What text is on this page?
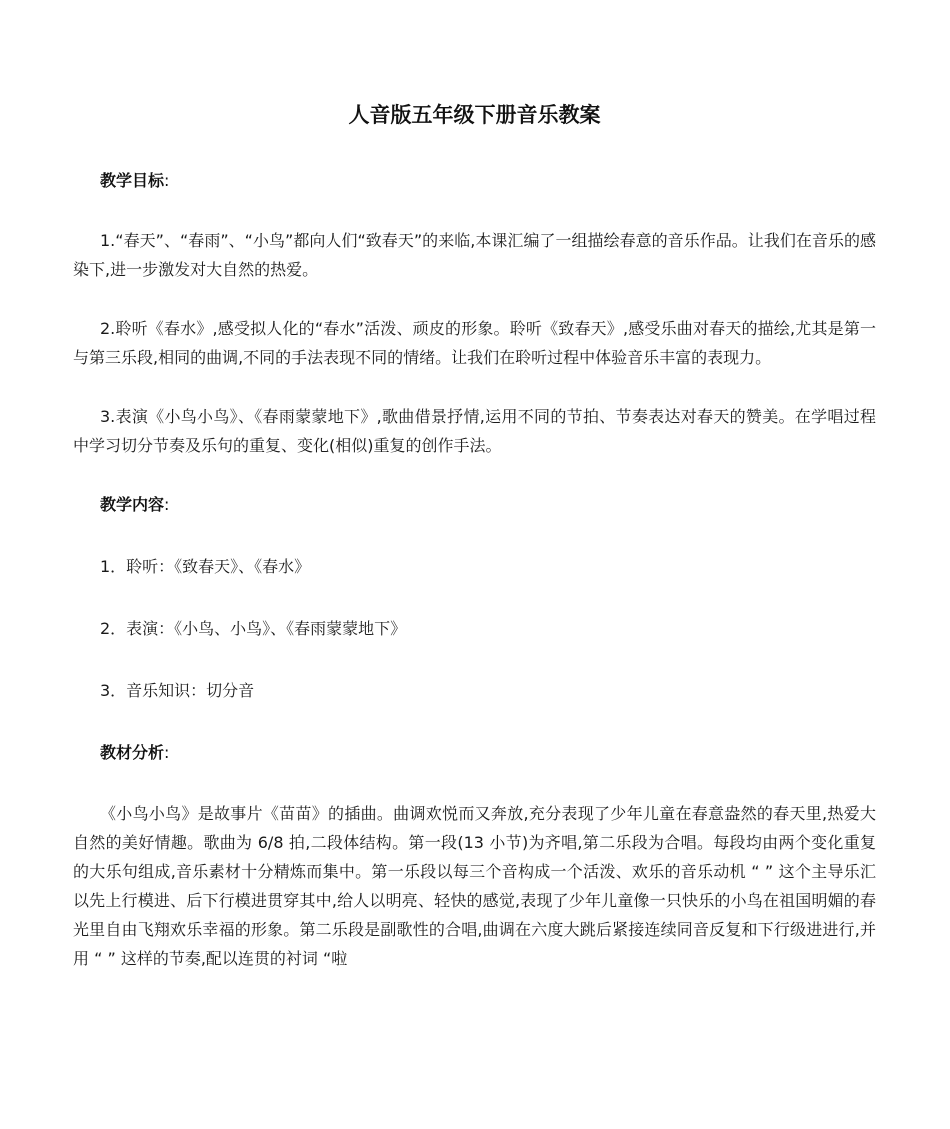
人音版五年级下册音乐教案

教学目标:

1.“春天”、“春雨”、“小鸟”都向人们“致春天”的来临,本课汇编了一组描绘春意的音乐作品。让我们在音乐的感染下,进一步激发对大自然的热爱。

2.聆听《春水》,感受拟人化的“春水”活泼、顽皮的形象。聆听《致春天》,感受乐曲对春天的描绘,尤其是第一与第三乐段,相同的曲调,不同的手法表现不同的情绪。让我们在聆听过程中体验音乐丰富的表现力。

3.表演《小鸟小鸟》、《春雨蒙蒙地下》,歌曲借景抒情,运用不同的节拍、节奏表达对春天的赞美。在学唱过程中学习切分节奏及乐句的重复、变化(相似)重复的创作手法。

教学内容:

1．聆听：《致春天》、《春水》

2．表演：《小鸟、小鸟》、《春雨蒙蒙地下》

3．音乐知识：切分音

教材分析:

《小鸟小鸟》是故事片《苗苗》的插曲。曲调欢悦而又奔放,充分表现了少年儿童在春意盎然的春天里,热爱大自然的美好情趣。歌曲为 6/8 拍,二段体结构。第一段(13 小节)为齐唱,第二乐段为合唱。每段均由两个变化重复的大乐句组成,音乐素材十分精炼而集中。第一乐段以每三个音构成一个活泼、欢乐的音乐动机 “ ” 这个主导乐汇以先上行模进、后下行模进贯穿其中,给人以明亮、轻快的感觉,表现了少年儿童像一只快乐的小鸟在祖国明媚的春光里自由飞翔欢乐幸福的形象。第二乐段是副歌性的合唱,曲调在六度大跳后紧接连续同音反复和下行级进进行,并用 “ ” 这样的节奏,配以连贯的衬词 “啦
